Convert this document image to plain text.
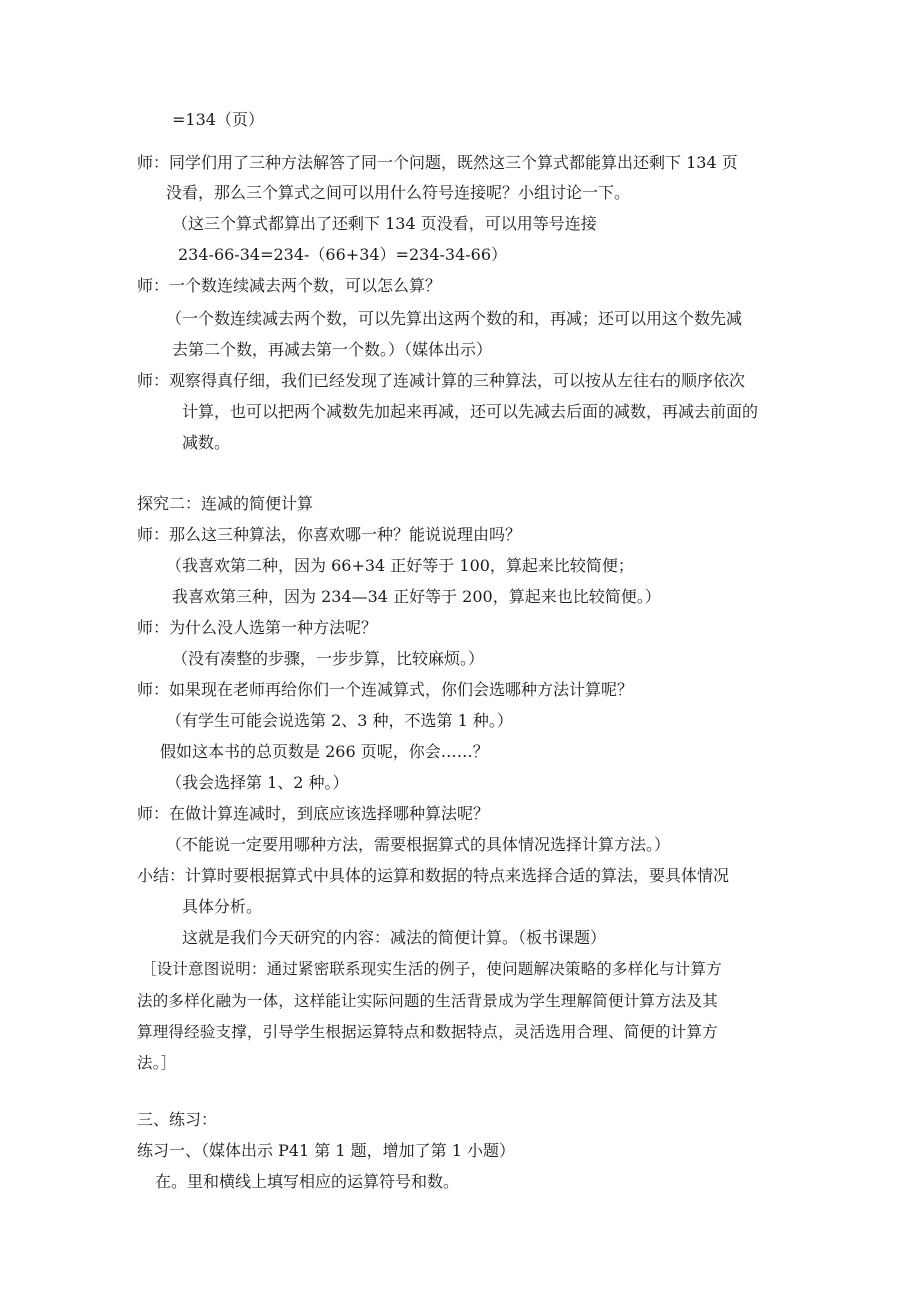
=134（页）
师：同学们用了三种方法解答了同一个问题，既然这三个算式都能算出还剩下 134 页
没看，那么三个算式之间可以用什么符号连接呢？小组讨论一下。
（这三个算式都算出了还剩下 134 页没看，可以用等号连接
234-66-34=234-（66+34）=234-34-66）
师：一个数连续减去两个数，可以怎么算？
（一个数连续减去两个数，可以先算出这两个数的和，再减；还可以用这个数先减
去第二个数，再减去第一个数。）（媒体出示）
师：观察得真仔细，我们已经发现了连减计算的三种算法，可以按从左往右的顺序依次
计算，也可以把两个减数先加起来再减，还可以先减去后面的减数，再减去前面的
减数。
探究二：连减的简便计算
师：那么这三种算法，你喜欢哪一种？能说说理由吗？
（我喜欢第二种，因为 66+34 正好等于 100，算起来比较简便；
我喜欢第三种，因为 234—34 正好等于 200，算起来也比较简便。）
师：为什么没人选第一种方法呢？
（没有凑整的步骤，一步步算，比较麻烦。）
师：如果现在老师再给你们一个连减算式，你们会选哪种方法计算呢？
（有学生可能会说选第 2、3 种，不选第 1 种。）
假如这本书的总页数是 266 页呢，你会……？
（我会选择第 1、2 种。）
师：在做计算连减时，到底应该选择哪种算法呢？
（不能说一定要用哪种方法，需要根据算式的具体情况选择计算方法。）
小结：计算时要根据算式中具体的运算和数据的特点来选择合适的算法，要具体情况
具体分析。
这就是我们今天研究的内容：减法的简便计算。（板书课题）
［设计意图说明：通过紧密联系现实生活的例子，使问题解决策略的多样化与计算方
法的多样化融为一体，这样能让实际问题的生活背景成为学生理解简便计算方法及其
算理得经验支撑，引导学生根据运算特点和数据特点，灵活选用合理、简便的计算方
法。］
三、练习：
练习一、（媒体出示 P41 第 1 题，增加了第 1 小题）
在。里和横线上填写相应的运算符号和数。
